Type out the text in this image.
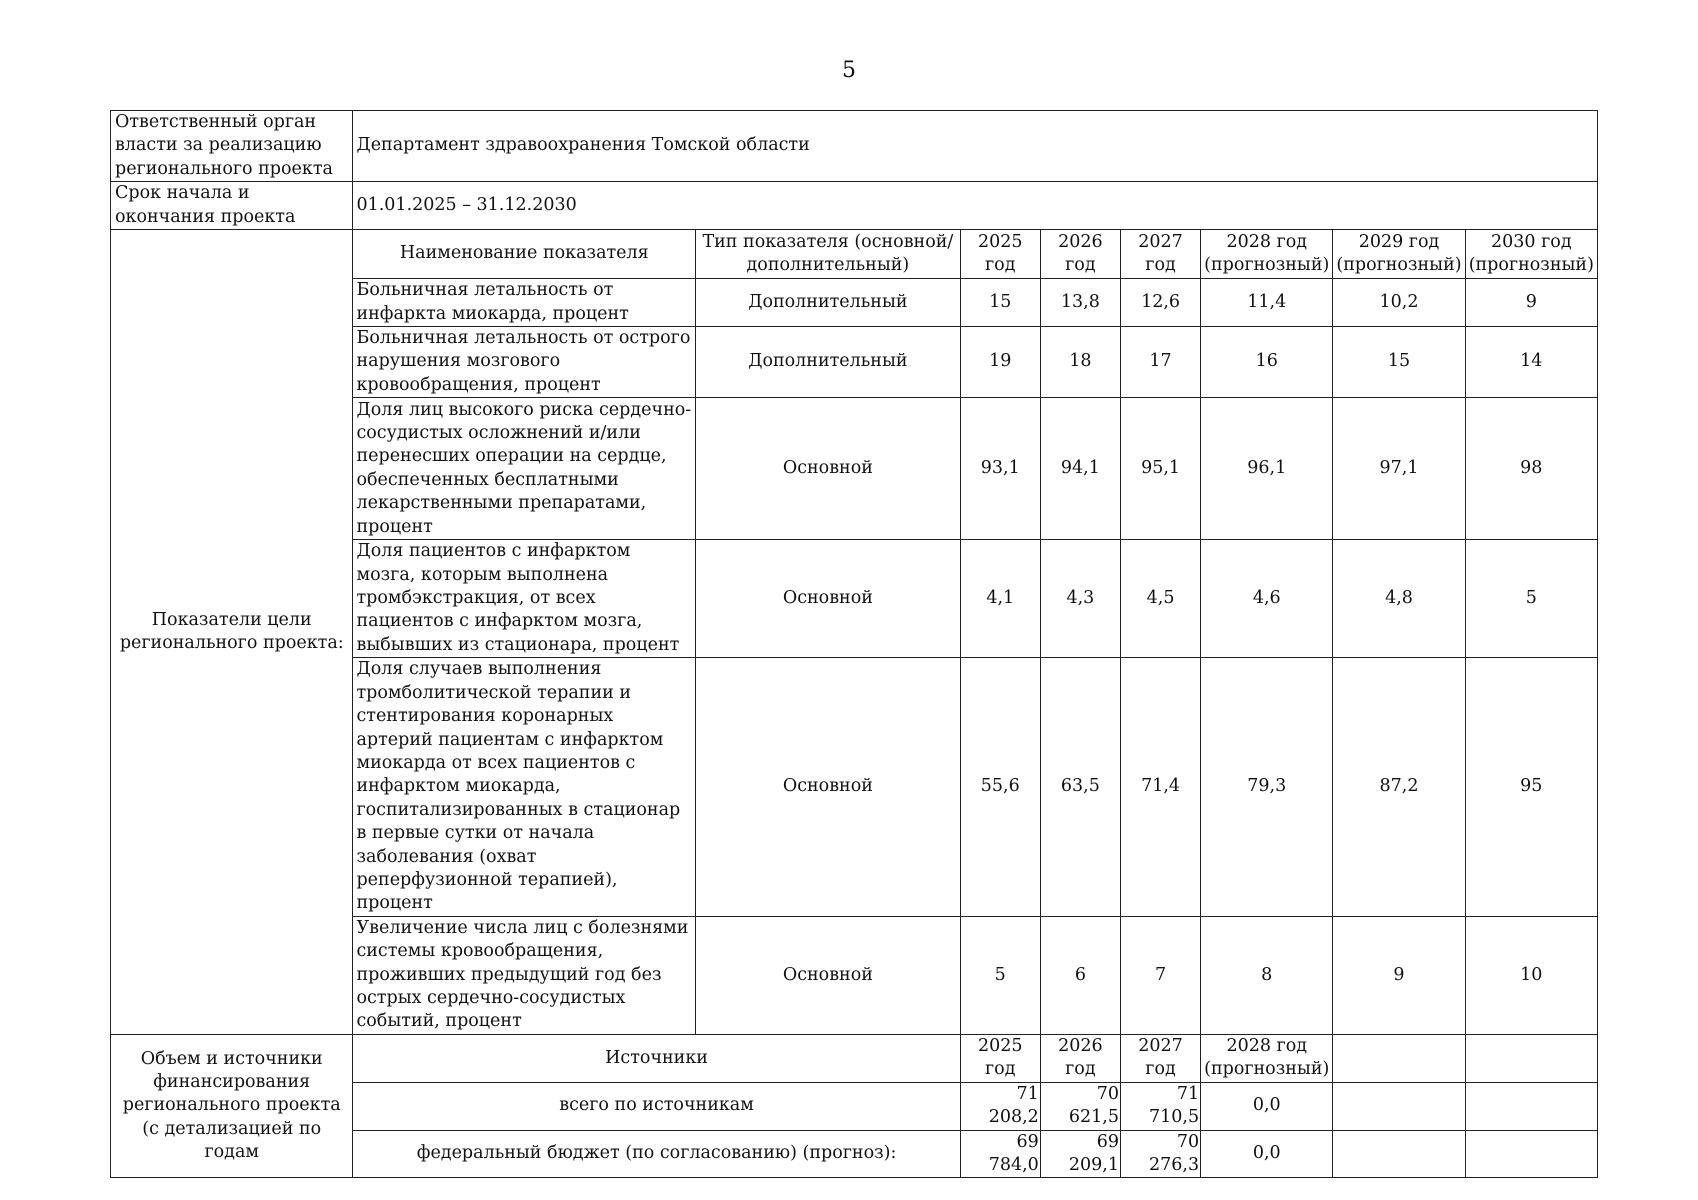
5
Ответственный орган власти за реализацию регионального проекта	Департамент здравоохранения Томской области							
Срок начала и окончания проекта	01.01.2025 – 31.12.2030							
Показатели цели регионального проекта:	Наименование показателя	Тип показателя (основной/дополнительный)	2025 год	2026 год	2027 год	2028 год (прогнозный)	2029 год (прогнозный)	2030 год (прогнозный)
	Больничная летальность от инфаркта миокарда, процент	Дополнительный	15	13,8	12,6	11,4	10,2	9
	Больничная летальность от острого нарушения мозгового кровообращения, процент	Дополнительный	19	18	17	16	15	14
	Доля лиц высокого риска сердечно-сосудистых осложнений и/или перенесших операции на сердце, обеспеченных бесплатными лекарственными препаратами, процент	Основной	93,1	94,1	95,1	96,1	97,1	98
	Доля пациентов с инфарктом мозга, которым выполнена тромбэкстракция, от всех пациентов с инфарктом мозга, выбывших из стационара, процент	Основной	4,1	4,3	4,5	4,6	4,8	5
	Доля случаев выполнения тромболитической терапии и стентирования коронарных артерий пациентам с инфарктом миокарда от всех пациентов с инфарктом миокарда, госпитализированных в стационар в первые сутки от начала заболевания (охват реперфузионной терапией), процент	Основной	55,6	63,5	71,4	79,3	87,2	95
	Увеличение числа лиц с болезнями системы кровообращения, проживших предыдущий год без острых сердечно-сосудистых событий, процент	Основной	5	6	7	8	9	10
Объем и источники финансирования регионального проекта (с детализацией по годам	Источники		2025 год	2026 год	2027 год	2028 год (прогнозный)		
	всего по источникам		71 208,2	70 621,5	71 710,5	0,0		
	федеральный бюджет (по согласованию) (прогноз):		69 784,0	69 209,1	70 276,3	0,0		
